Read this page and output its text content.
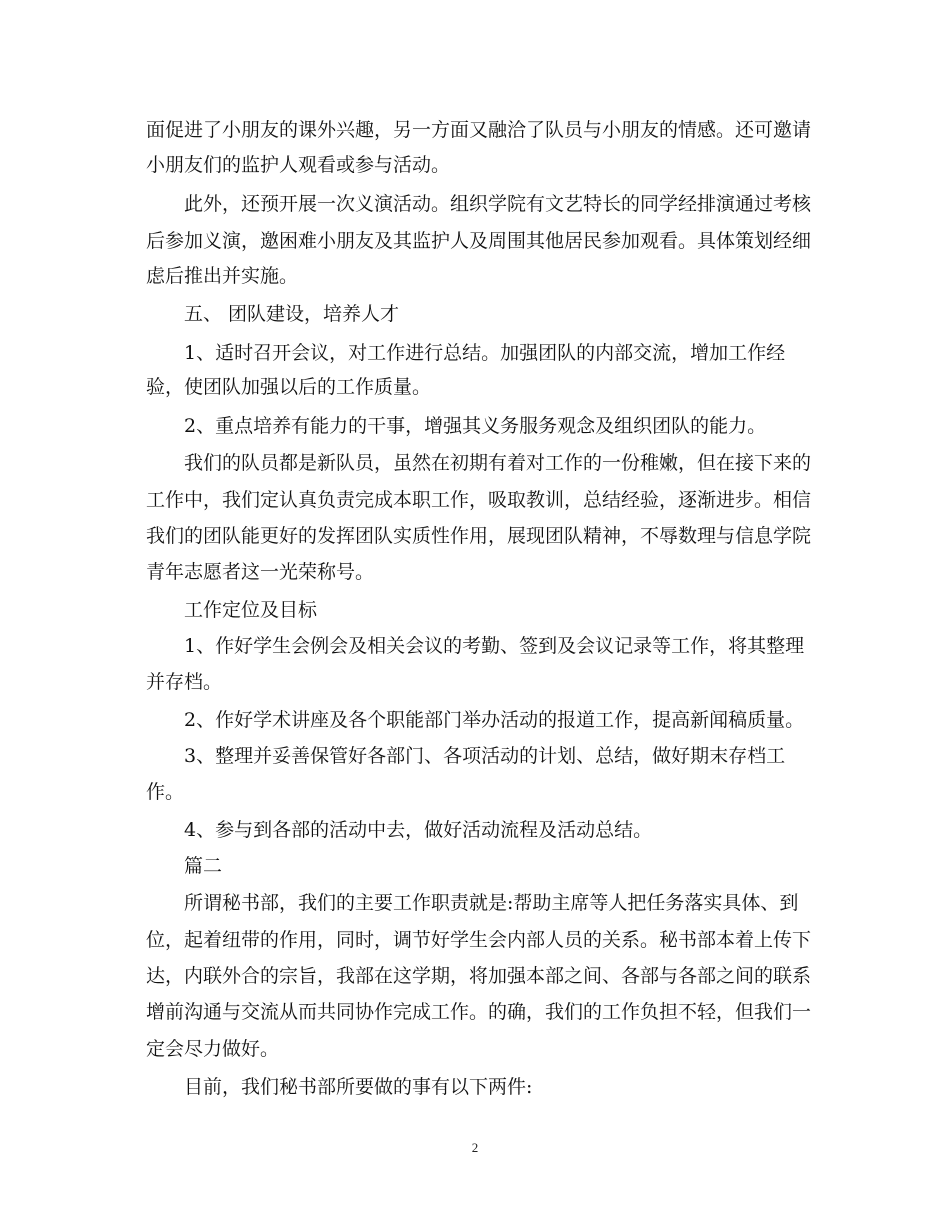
面促进了小朋友的课外兴趣，另一方面又融洽了队员与小朋友的情感。还可邀请
小朋友们的监护人观看或参与活动。
此外，还预开展一次义演活动。组织学院有文艺特长的同学经排演通过考核
后参加义演，邀困难小朋友及其监护人及周围其他居民参加观看。具体策划经细
虑后推出并实施。
五、 团队建设，培养人才
1、适时召开会议，对工作进行总结。加强团队的内部交流，增加工作经
验，使团队加强以后的工作质量。
2、重点培养有能力的干事，增强其义务服务观念及组织团队的能力。
我们的队员都是新队员，虽然在初期有着对工作的一份稚嫩，但在接下来的
工作中，我们定认真负责完成本职工作，吸取教训，总结经验，逐渐进步。相信
我们的团队能更好的发挥团队实质性作用，展现团队精神，不辱数理与信息学院
青年志愿者这一光荣称号。
工作定位及目标
1、作好学生会例会及相关会议的考勤、签到及会议记录等工作，将其整理
并存档。
2、作好学术讲座及各个职能部门举办活动的报道工作，提高新闻稿质量。
3、整理并妥善保管好各部门、各项活动的计划、总结，做好期末存档工
作。
4、参与到各部的活动中去，做好活动流程及活动总结。
篇二
所谓秘书部，我们的主要工作职责就是:帮助主席等人把任务落实具体、到
位，起着纽带的作用，同时，调节好学生会内部人员的关系。秘书部本着上传下
达，内联外合的宗旨，我部在这学期，将加强本部之间、各部与各部之间的联系
增前沟通与交流从而共同协作完成工作。的确，我们的工作负担不轻，但我们一
定会尽力做好。
目前，我们秘书部所要做的事有以下两件:
2
